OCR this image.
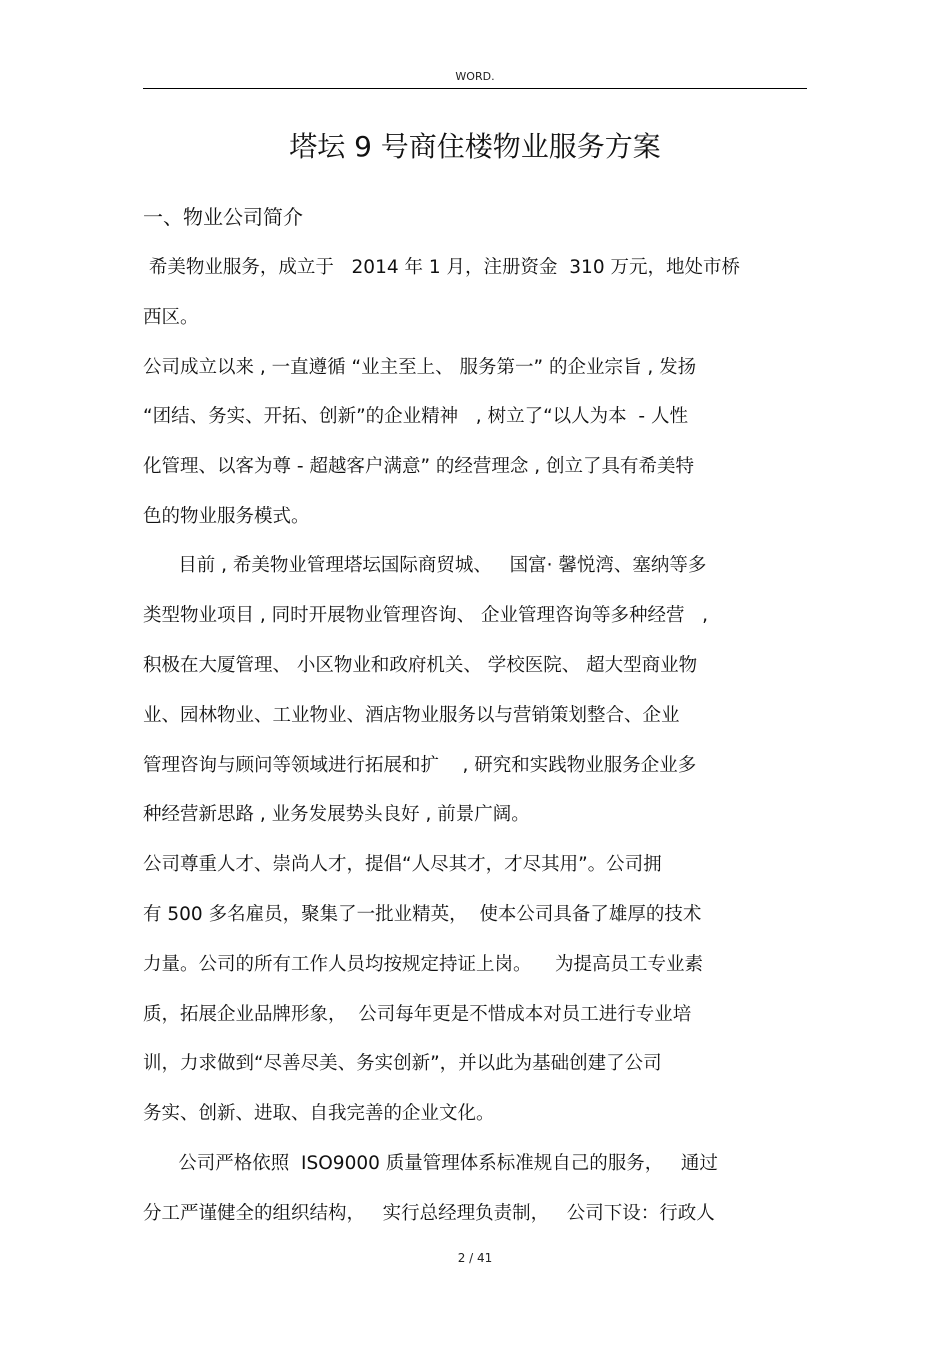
WORD.
塔坛 9 号商住楼物业服务方案
一、物业公司简介
希美物业服务，成立于   2014 年 1 月，注册资金  310 万元，地处市桥
西区。
公司成立以来 , 一直遵循 “业主至上、 服务第一” 的企业宗旨 , 发扬
“团结、务实、开拓、创新”的企业精神   , 树立了“以人为本  - 人性
化管理、以客为尊 - 超越客户满意” 的经营理念 , 创立了具有希美特
色的物业服务模式。
目前 , 希美物业管理塔坛国际商贸城、   国富· 馨悦湾、塞纳等多
类型物业项目 , 同时开展物业管理咨询、 企业管理咨询等多种经营   ,
积极在大厦管理、 小区物业和政府机关、 学校医院、 超大型商业物
业、园林物业、工业物业、酒店物业服务以与营销策划整合、企业
管理咨询与顾问等领域进行拓展和扩    , 研究和实践物业服务企业多
种经营新思路 , 业务发展势头良好 , 前景广阔。
公司尊重人才、崇尚人才，提倡“人尽其才，才尽其用”。公司拥
有 500 多名雇员，聚集了一批业精英，  使本公司具备了雄厚的技术
力量。公司的所有工作人员均按规定持证上岗。    为提高员工专业素
质，拓展企业品牌形象，  公司每年更是不惜成本对员工进行专业培
训，力求做到“尽善尽美、务实创新”，并以此为基础创建了公司
务实、创新、进取、自我完善的企业文化。
公司严格依照  ISO9000 质量管理体系标准规自己的服务，   通过
分工严谨健全的组织结构，   实行总经理负责制，   公司下设：行政人
2 / 41
